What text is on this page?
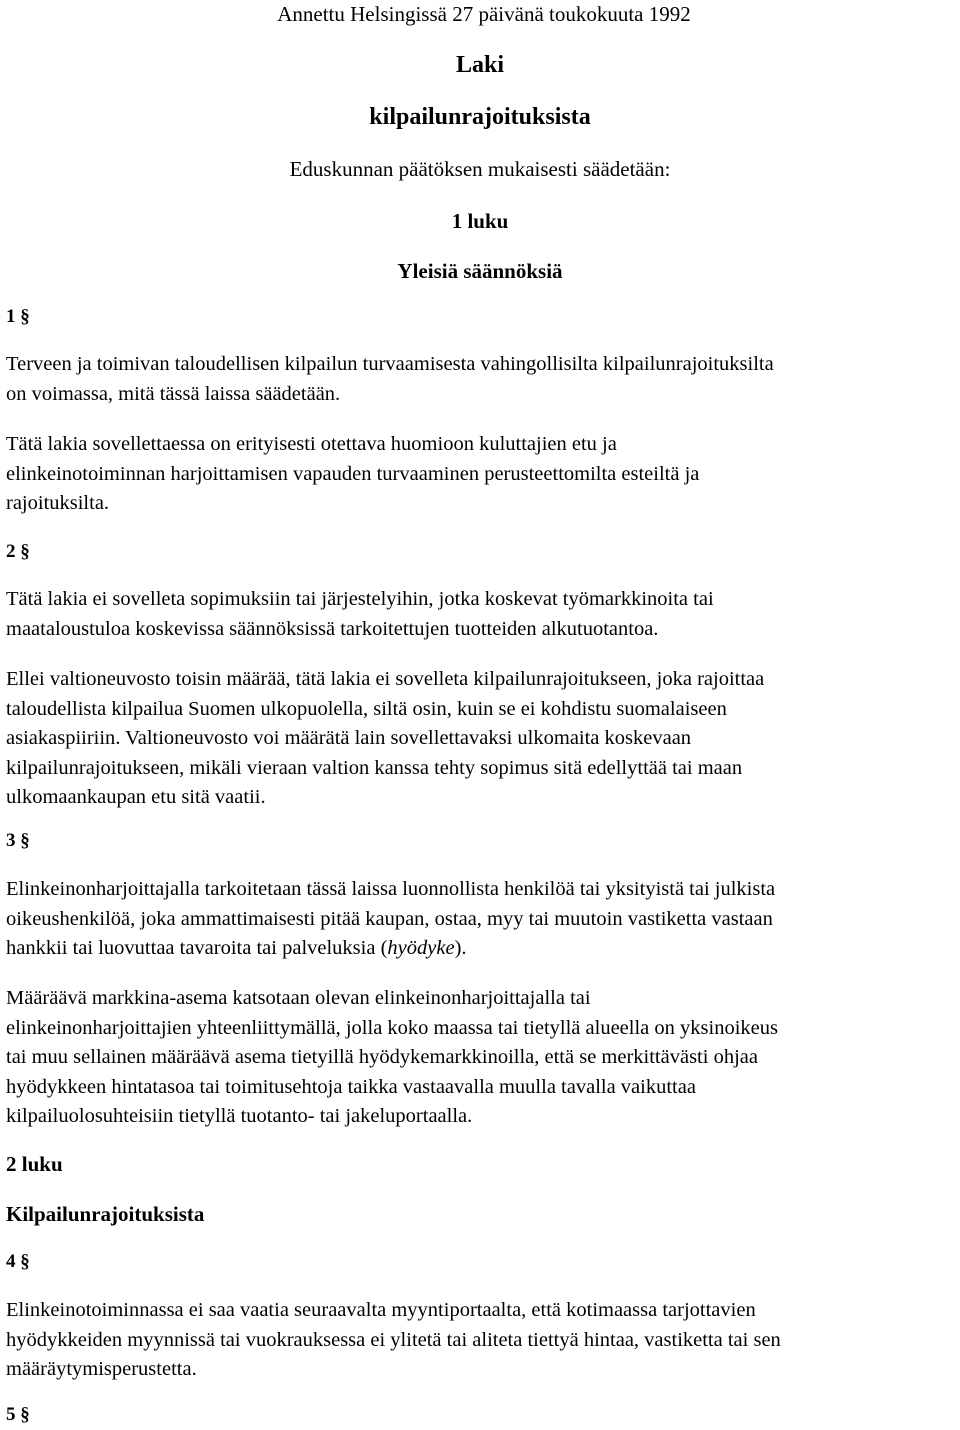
Annettu Helsingissä 27 päivänä toukokuuta 1992
Laki
kilpailunrajoituksista
Eduskunnan päätöksen mukaisesti säädetään:
1 luku
Yleisiä säännöksiä
1 §
Terveen ja toimivan taloudellisen kilpailun turvaamisesta vahingollisilta kilpailunrajoituksilta
on voimassa, mitä tässä laissa säädetään.
Tätä lakia sovellettaessa on erityisesti otettava huomioon kuluttajien etu ja
elinkeinotoiminnan harjoittamisen vapauden turvaaminen perusteettomilta esteiltä ja
rajoituksilta.
2 §
Tätä lakia ei sovelleta sopimuksiin tai järjestelyihin, jotka koskevat työmarkkinoita tai
maataloustuloa koskevissa säännöksissä tarkoitettujen tuotteiden alkutuotantoa.
Ellei valtioneuvosto toisin määrää, tätä lakia ei sovelleta kilpailunrajoitukseen, joka rajoittaa
taloudellista kilpailua Suomen ulkopuolella, siltä osin, kuin se ei kohdistu suomalaiseen
asiakaspiiriin. Valtioneuvosto voi määrätä lain sovellettavaksi ulkomaita koskevaan
kilpailunrajoitukseen, mikäli vieraan valtion kanssa tehty sopimus sitä edellyttää tai maan
ulkomaankaupan etu sitä vaatii.
3 §
Elinkeinonharjoittajalla tarkoitetaan tässä laissa luonnollista henkilöä tai yksityistä tai julkista
oikeushenkilöä, joka ammattimaisesti pitää kaupan, ostaa, myy tai muutoin vastiketta vastaan
hankkii tai luovuttaa tavaroita tai palveluksia (hyödyke).
Määräävä markkina-asema katsotaan olevan elinkeinonharjoittajalla tai
elinkeinonharjoittajien yhteenliittymällä, jolla koko maassa tai tietyllä alueella on yksinoikeus
tai muu sellainen määräävä asema tietyillä hyödykemarkkinoilla, että se merkittävästi ohjaa
hyödykkeen hintatasoa tai toimitusehtoja taikka vastaavalla muulla tavalla vaikuttaa
kilpailuolosuhteisiin tietyllä tuotanto- tai jakeluportaalla.
2 luku
Kilpailunrajoituksista
4 §
Elinkeinotoiminnassa ei saa vaatia seuraavalta myyntiportaalta, että kotimaassa tarjottavien
hyödykkeiden myynnissä tai vuokrauksessa ei ylitetä tai aliteta tiettyä hintaa, vastiketta tai sen
määräytymisperustetta.
5 §
